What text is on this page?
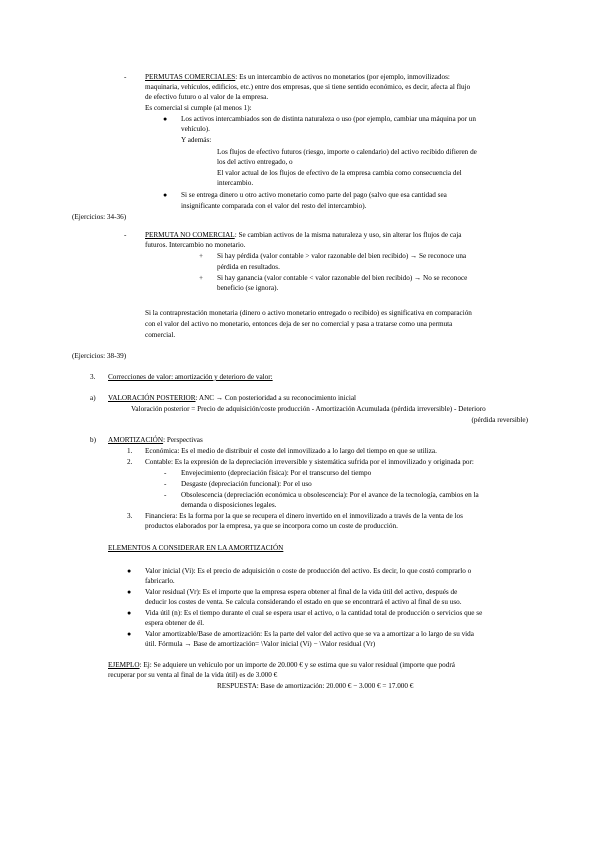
-	PERMUTAS COMERCIALES: Es un intercambio de activos no monetarios (por ejemplo, inmovilizados:
maquinaria, vehículos, edificios, etc.) entre dos empresas, que si tiene sentido económico, es decir, afecta al flujo
de efectivo futuro o al valor de la empresa.
Es comercial si cumple (al menos 1):
● Los activos intercambiados son de distinta naturaleza o uso (por ejemplo, cambiar una máquina por un
vehículo).
Y además:
Los flujos de efectivo futuros (riesgo, importe o calendario) del activo recibido difieren de
los del activo entregado, o
El valor actual de los flujos de efectivo de la empresa cambia como consecuencia del
intercambio.
● Si se entrega dinero u otro activo monetario como parte del pago (salvo que esa cantidad sea
insignificante comparada con el valor del resto del intercambio).
(Ejercicios: 34-36)
-	PERMUTA NO COMERCIAL: Se cambian activos de la misma naturaleza y uso, sin alterar los flujos de caja
futuros. Intercambio no monetario.
+ Si hay pérdida (valor contable > valor razonable del bien recibido) → Se reconoce una
pérdida en resultados.
+ Si hay ganancia (valor contable < valor razonable del bien recibido) → No se reconoce
beneficio (se ignora).
Si la contraprestación monetaria (dinero o activo monetario entregado o recibido) es significativa en comparación
con el valor del activo no monetario, entonces deja de ser no comercial y pasa a tratarse como una permuta
comercial.
(Ejercicios: 38-39)
3. Correcciones de valor: amortización y deterioro de valor:
a) VALORACIÓN POSTERIOR: ANC → Con posterioridad a su reconocimiento inicial
Valoración posterior = Precio de adquisición/coste producción - Amortización Acumulada (pérdida irreversible) - Deterioro
(pérdida reversible)
b) AMORTIZACIÓN: Perspectivas
1. Económica: Es el medio de distribuir el coste del inmovilizado a lo largo del tiempo en que se utiliza.
2. Contable: Es la expresión de la depreciación irreversible y sistemática sufrida por el inmovilizado y originada por:
- Envejecimiento (depreciación física): Por el transcurso del tiempo
- Desgaste (depreciación funcional): Por el uso
- Obsolescencia (depreciación económica u obsolescencia): Por el avance de la tecnología, cambios en la
demanda o disposiciones legales.
3. Financiera: Es la forma por la que se recupera el dinero invertido en el inmovilizado a través de la venta de los
productos elaborados por la empresa, ya que se incorpora como un coste de producción.
ELEMENTOS A CONSIDERAR EN LA AMORTIZACIÓN
● Valor inicial (Vi): Es el precio de adquisición o coste de producción del activo. Es decir, lo que costó comprarlo o
fabricarlo.
● Valor residual (Vr): Es el importe que la empresa espera obtener al final de la vida útil del activo, después de
deducir los costes de venta. Se calcula considerando el estado en que se encontrará el activo al final de su uso.
● Vida útil (n): Es el tiempo durante el cual se espera usar el activo, o la cantidad total de producción o servicios que se
espera obtener de él.
● Valor amortizable/Base de amortización: Es la parte del valor del activo que se va a amortizar a lo largo de su vida
útil. Fórmula → Base de amortización= \Valor inicial (Vi) − \Valor residual (Vr)
EJEMPLO: Ej: Se adquiere un vehículo por un importe de 20.000 € y se estima que su valor residual (importe que podrá
recuperar por su venta al final de la vida útil) es de 3.000 €
RESPUESTA: Base de amortización: 20.000 € − 3.000 € = 17.000 €
